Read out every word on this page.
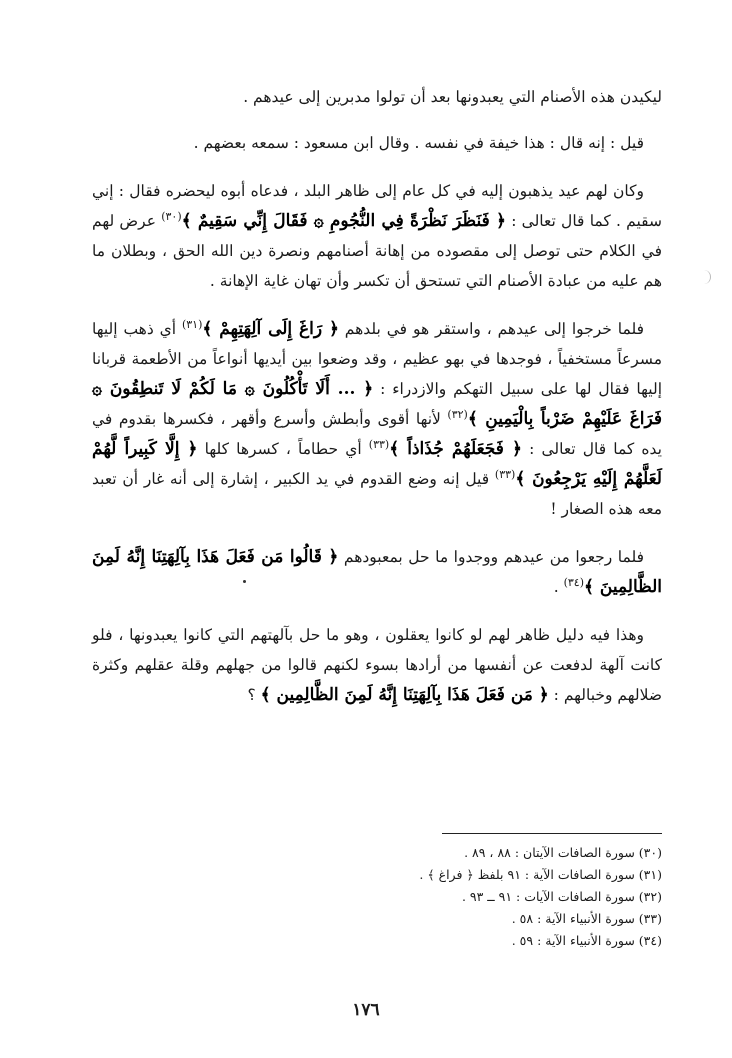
ليكيدن هذه الأصنام التي يعبدونها بعد أن تولوا مدبرين إلى عيدهم .

قيل : إنه قال : هذا خيفة في نفسه . وقال ابن مسعود : سمعه بعضهم .

وكان لهم عيد يذهبون إليه في كل عام إلى ظاهر البلد ، فدعاه أبوه ليحضره فقال : إني سقيم . كما قال تعالى : ﴿ فَنَظَرَ نَظْرَةً فِي النُّجُومِ ۞ فَقَالَ إِنِّي سَقِيمٌ ﴾$^{(٣٠)}$ عرض لهم في الكلام حتى توصل إلى مقصوده من إهانة أصنامهم ونصرة دين الله الحق ، وبطلان ما هم عليه من عبادة الأصنام التي تستحق أن تكسر وأن تهان غاية الإهانة .

فلما خرجوا إلى عيدهم ، واستقر هو في بلدهم ﴿ رَاغَ إِلَى آلِهَتِهِمْ ﴾$^{(٣١)}$ أي ذهب إليها مسرعاً مستخفياً ، فوجدها في بهو عظيم ، وقد وضعوا بين أيديها أنواعاً من الأطعمة قربانا إليها فقال لها على سبيل التهكم والازدراء : ﴿ ... أَلَا تَأْكُلُونَ ۞ مَا لَكُمْ لَا تَنطِقُونَ ۞ فَرَاغَ عَلَيْهِمْ ضَرْباً بِالْيَمِينِ ﴾$^{(٣٢)}$ لأنها أقوى وأبطش وأسرع وأقهر ، فكسرها بقدوم في يده كما قال تعالى : ﴿ فَجَعَلَهُمْ جُذَاذاً ﴾$^{(٣٣)}$ أي حطاماً ، كسرها كلها ﴿ إِلَّا كَبِيراً لَّهُمْ لَعَلَّهُمْ إِلَيْهِ يَرْجِعُونَ ﴾$^{(٣٣)}$ قيل إنه وضع القدوم في يد الكبير ، إشارة إلى أنه غار أن تعبد معه هذه الصغار !

فلما رجعوا من عيدهم ووجدوا ما حل بمعبودهم ﴿ قَالُوا مَن فَعَلَ هَذَا بِآلِهَتِنَا إِنَّهُ لَمِنَ الظَّالِمِينَ ﴾$^{(٣٤)}$ .

وهذا فيه دليل ظاهر لهم لو كانوا يعقلون ، وهو ما حل بآلهتهم التي كانوا يعبدونها ، فلو كانت آلهة لدفعت عن أنفسها من أرادها بسوء لكنهم قالوا من جهلهم وقلة عقلهم وكثرة ضلالهم وخبالهم : ﴿ مَن فَعَلَ هَذَا بِآلِهَتِنَا إِنَّهُ لَمِنَ الظَّالِمِين ﴾ ؟

(٣٠) سورة الصافات الآيتان : ٨٨ ، ٨٩ .
(٣١) سورة الصافات الآية : ٩١ بلفظ ﴿ فراغ ﴾ .
(٣٢) سورة الصافات الآيات : ٩١ ــ ٩٣ .
(٣٣) سورة الأنبياء الآية : ٥٨ .
(٣٤) سورة الأنبياء الآية : ٥٩ .
١٧٦
